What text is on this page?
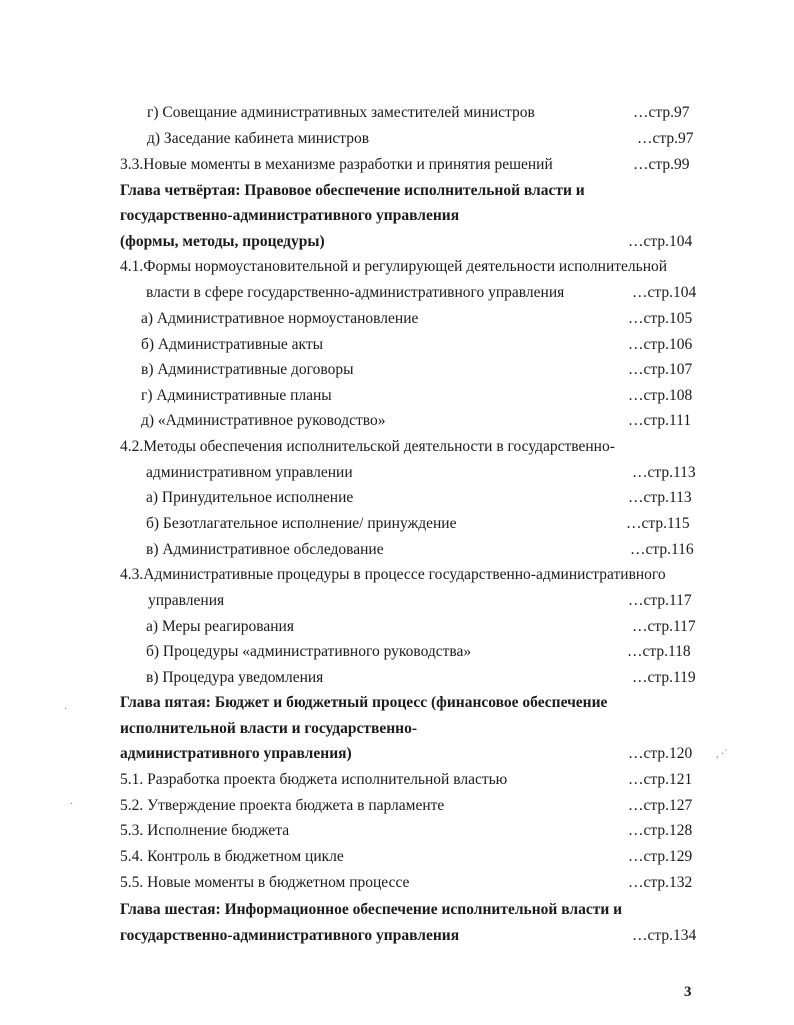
г) Совещание административных заместителей министров	…стр.97
д) Заседание кабинета министров	…стр.97
3.3.Новые моменты в механизме разработки и принятия решений	…стр.99
Глава четвёртая: Правовое обеспечение исполнительной власти и
государственно-административного управления
(формы, методы, процедуры)	…стр.104
4.1.Формы нормоустановительной и регулирующей деятельности исполнительной
власти в сфере государственно-административного управления	…стр.104
а) Административное нормоустановление	…стр.105
б) Административные акты	…стр.106
в) Административные договоры	…стр.107
г) Административные планы	…стр.108
д) «Административное руководство»	…стр.111
4.2.Методы обеспечения исполнительской деятельности в государственно-
административном управлении	…стр.113
а) Принудительное исполнение	…стр.113
б) Безотлагательное исполнение/ принуждение	…стр.115
в) Административное обследование	…стр.116
4.3.Административные процедуры в процессе государственно-административного
управления	…стр.117
а) Меры реагирования	…стр.117
б) Процедуры «административного руководства»	…стр.118
в) Процедура уведомления	…стр.119
Глава пятая: Бюджет и бюджетный процесс (финансовое обеспечение
исполнительной власти и государственно-
административного управления)	…стр.120
5.1. Разработка проекта бюджета исполнительной властью	…стр.121
5.2. Утверждение проекта бюджета в парламенте	…стр.127
5.3. Исполнение бюджета	…стр.128
5.4. Контроль в бюджетном цикле	…стр.129
5.5. Новые моменты в бюджетном процессе	…стр.132
Глава шестая: Информационное обеспечение исполнительной власти и
государственно-административного управления	…стр.134
3
·
·
, ·´
